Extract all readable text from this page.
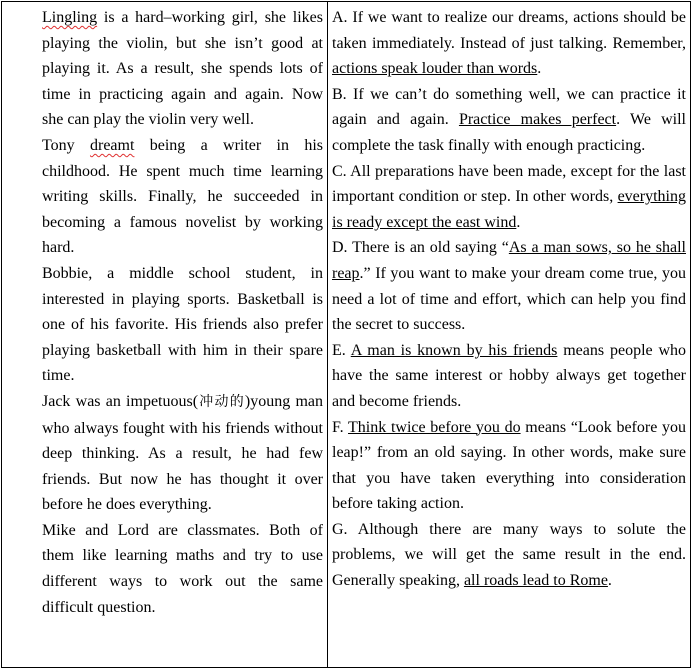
Lingling is a hard–working girl, she likes playing the violin, but she isn’t good at playing it. As a result, she spends lots of time in practicing again and again. Now she can play the violin very well.
Tony dreamt being a writer in his childhood. He spent much time learning writing skills. Finally, he succeeded in becoming a famous novelist by working hard.
Bobbie, a middle school student, in interested in playing sports. Basketball is one of his favorite. His friends also prefer playing basketball with him in their spare time.
Jack was an impetuous(冲动的)young man who always fought with his friends without deep thinking. As a result, he had few friends. But now he has thought it over before he does everything.
Mike and Lord are classmates. Both of them like learning maths and try to use different ways to work out the same difficult question.

A. If we want to realize our dreams, actions should be taken immediately. Instead of just talking. Remember, actions speak louder than words.
B. If we can’t do something well, we can practice it again and again. Practice makes perfect. We will complete the task finally with enough practicing.
C. All preparations have been made, except for the last important condition or step. In other words, everything is ready except the east wind.
D. There is an old saying “As a man sows, so he shall reap.” If you want to make your dream come true, you need a lot of time and effort, which can help you find the secret to success.
E. A man is known by his friends means people who have the same interest or hobby always get together and become friends.
F. Think twice before you do means “Look before you leap!” from an old saying. In other words, make sure that you have taken everything into consideration before taking action.
G. Although there are many ways to solute the problems, we will get the same result in the end. Generally speaking, all roads lead to Rome.
